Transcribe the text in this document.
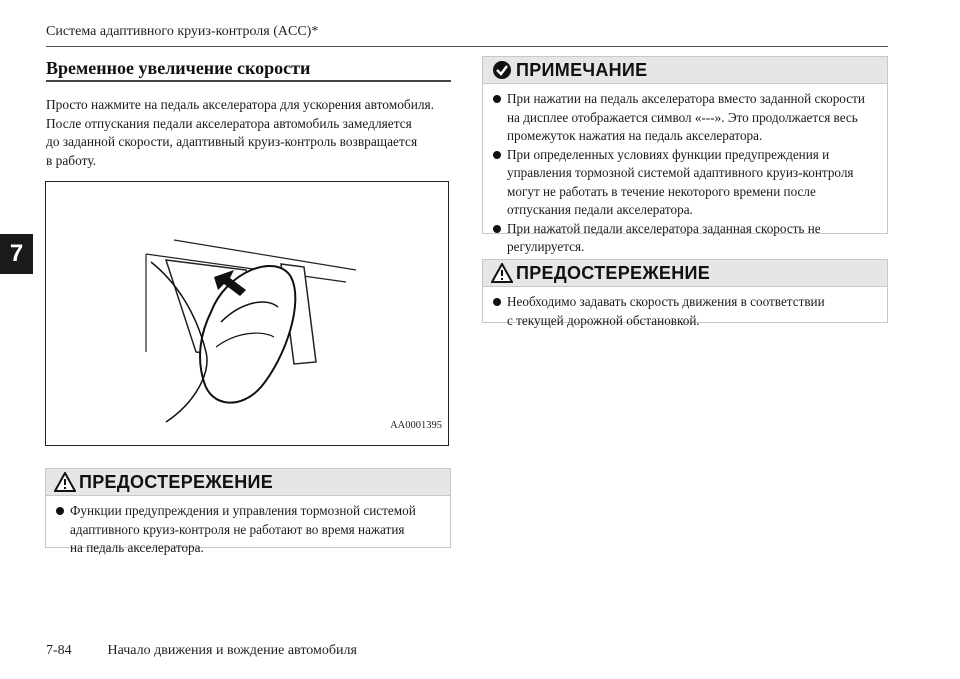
Система адаптивного круиз-контроля (ACC)*
7
Временное увеличение скорости
Просто нажмите на педаль акселератора для ускорения автомобиля.
После отпускания педали акселератора автомобиль замедляется
до заданной скорости, адаптивный круиз-контроль возвращается
в работу.
AA0001395
ПРЕДОСТЕРЕЖЕНИЕ
Функции предупреждения и управления тормозной системой
адаптивного круиз-контроля не работают во время нажатия
на педаль акселератора.
ПРИМЕЧАНИЕ
При нажатии на педаль акселератора вместо заданной скорости
на дисплее отображается символ «---». Это продолжается весь
промежуток нажатия на педаль акселератора.
При определенных условиях функции предупреждения и
управления тормозной системой адаптивного круиз-контроля
могут не работать в течение некоторого времени после
отпускания педали акселератора.
При нажатой педали акселератора заданная скорость не
регулируется.
ПРЕДОСТЕРЕЖЕНИЕ
Необходимо задавать скорость движения в соответствии
с текущей дорожной обстановкой.
7-84	Начало движения и вождение автомобиля
